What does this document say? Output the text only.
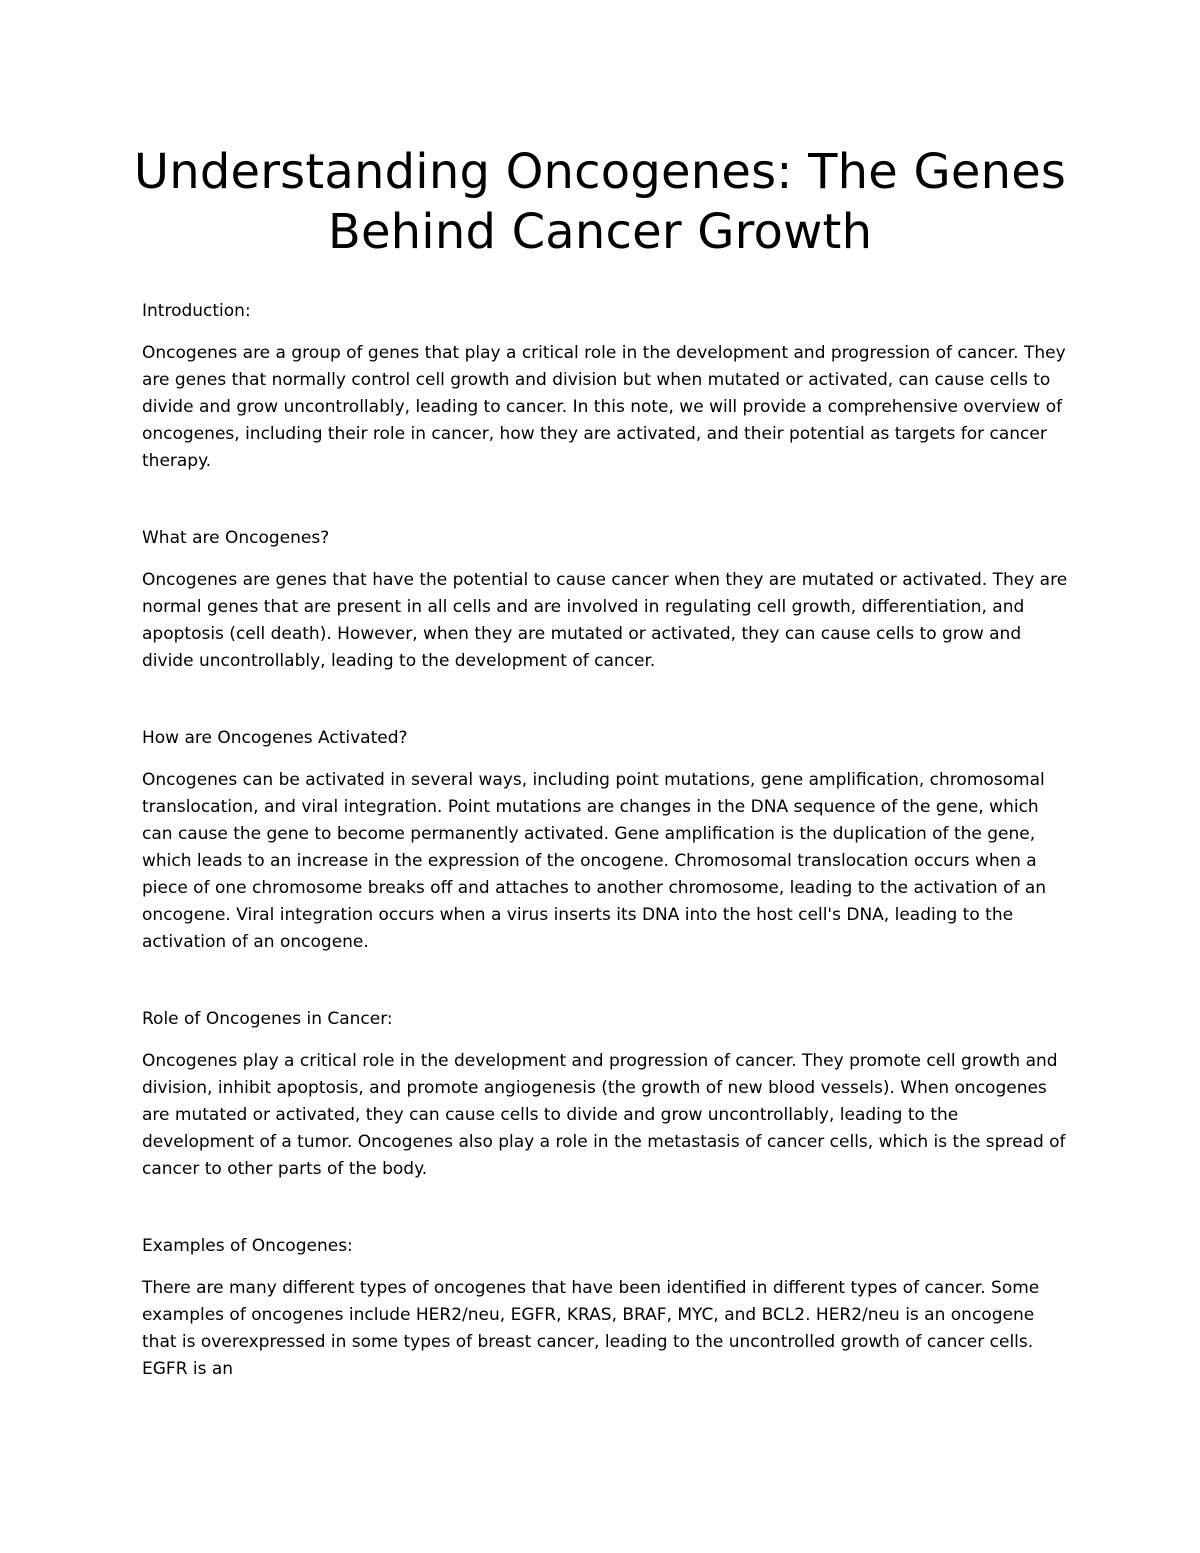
Understanding Oncogenes: The Genes Behind Cancer Growth

Introduction:

Oncogenes are a group of genes that play a critical role in the development and progression of cancer. They are genes that normally control cell growth and division but when mutated or activated, can cause cells to divide and grow uncontrollably, leading to cancer. In this note, we will provide a comprehensive overview of oncogenes, including their role in cancer, how they are activated, and their potential as targets for cancer therapy.

What are Oncogenes?

Oncogenes are genes that have the potential to cause cancer when they are mutated or activated. They are normal genes that are present in all cells and are involved in regulating cell growth, differentiation, and apoptosis (cell death). However, when they are mutated or activated, they can cause cells to grow and divide uncontrollably, leading to the development of cancer.

How are Oncogenes Activated?

Oncogenes can be activated in several ways, including point mutations, gene amplification, chromosomal translocation, and viral integration. Point mutations are changes in the DNA sequence of the gene, which can cause the gene to become permanently activated. Gene amplification is the duplication of the gene, which leads to an increase in the expression of the oncogene. Chromosomal translocation occurs when a piece of one chromosome breaks off and attaches to another chromosome, leading to the activation of an oncogene. Viral integration occurs when a virus inserts its DNA into the host cell's DNA, leading to the activation of an oncogene.

Role of Oncogenes in Cancer:

Oncogenes play a critical role in the development and progression of cancer. They promote cell growth and division, inhibit apoptosis, and promote angiogenesis (the growth of new blood vessels). When oncogenes are mutated or activated, they can cause cells to divide and grow uncontrollably, leading to the development of a tumor. Oncogenes also play a role in the metastasis of cancer cells, which is the spread of cancer to other parts of the body.

Examples of Oncogenes:

There are many different types of oncogenes that have been identified in different types of cancer. Some examples of oncogenes include HER2/neu, EGFR, KRAS, BRAF, MYC, and BCL2. HER2/neu is an oncogene that is overexpressed in some types of breast cancer, leading to the uncontrolled growth of cancer cells. EGFR is an
